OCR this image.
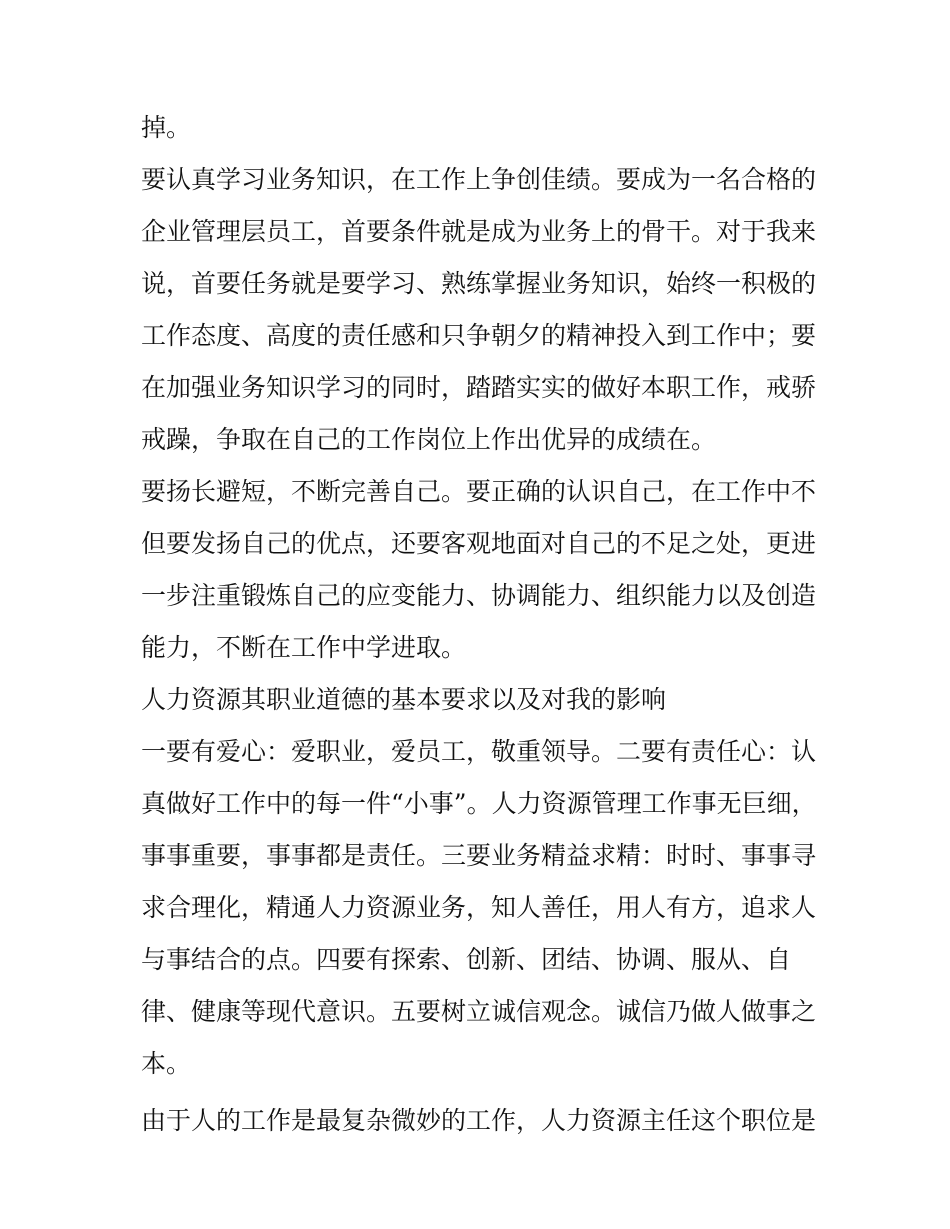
掉。
要认真学习业务知识，在工作上争创佳绩。要成为一名合格的
企业管理层员工，首要条件就是成为业务上的骨干。对于我来
说，首要任务就是要学习、熟练掌握业务知识，始终一积极的
工作态度、高度的责任感和只争朝夕的精神投入到工作中；要
在加强业务知识学习的同时，踏踏实实的做好本职工作，戒骄
戒躁，争取在自己的工作岗位上作出优异的成绩在。
要扬长避短，不断完善自己。要正确的认识自己，在工作中不
但要发扬自己的优点，还要客观地面对自己的不足之处，更进
一步注重锻炼自己的应变能力、协调能力、组织能力以及创造
能力，不断在工作中学进取。
人力资源其职业道德的基本要求以及对我的影响
一要有爱心：爱职业，爱员工，敬重领导。二要有责任心：认
真做好工作中的每一件“小事”。人力资源管理工作事无巨细，
事事重要，事事都是责任。三要业务精益求精：时时、事事寻
求合理化，精通人力资源业务，知人善任，用人有方，追求人
与事结合的点。四要有探索、创新、团结、协调、服从、自
律、健康等现代意识。五要树立诚信观念。诚信乃做人做事之
本。
由于人的工作是最复杂微妙的工作，人力资源主任这个职位是
